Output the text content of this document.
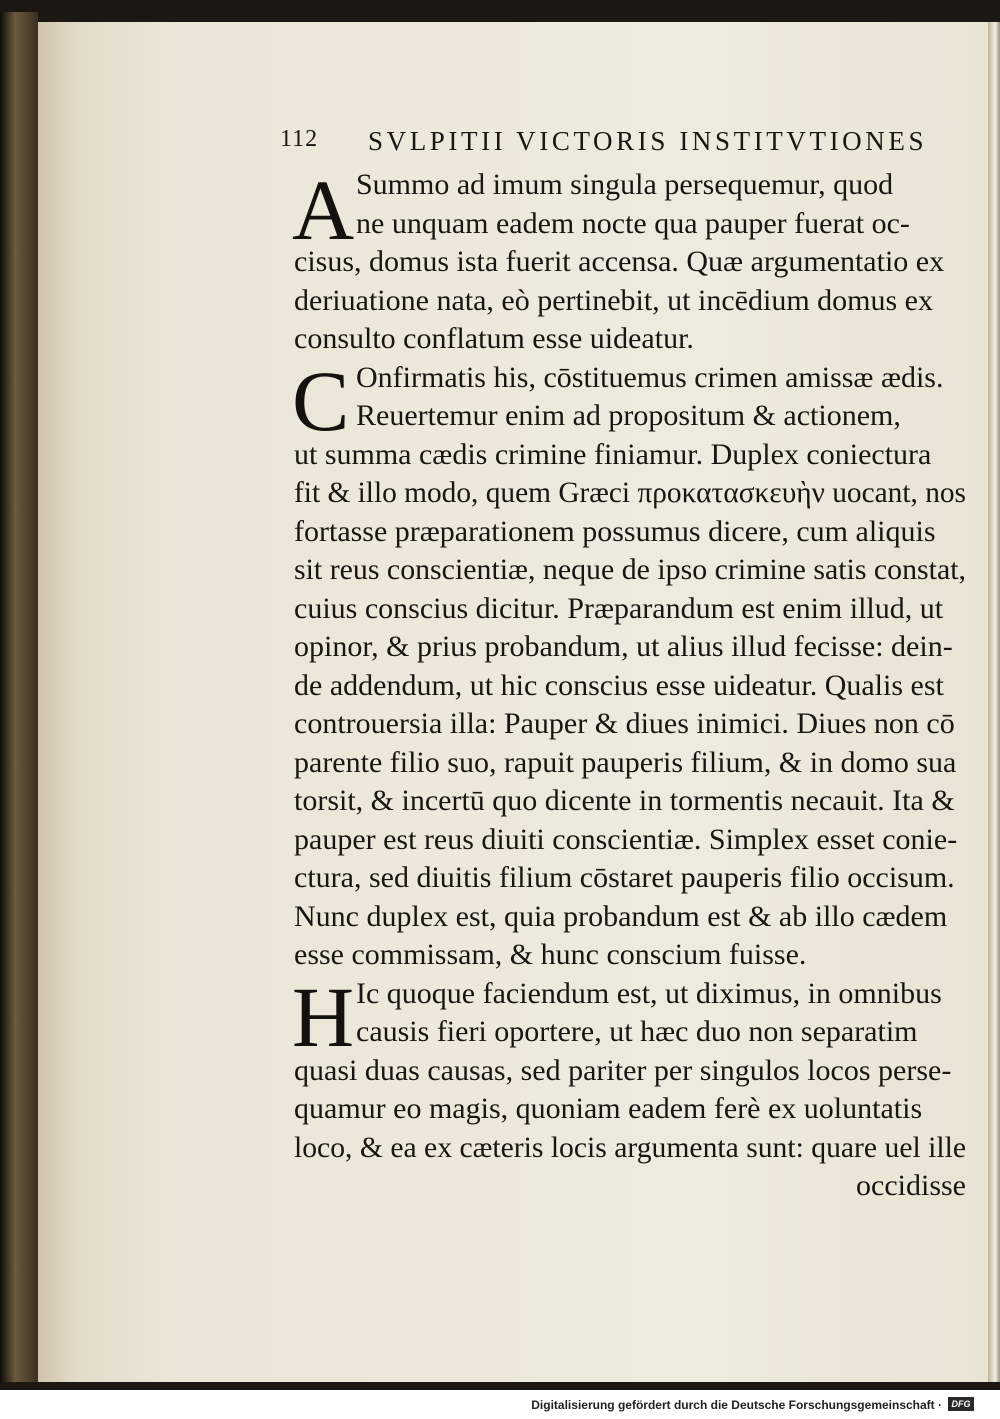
112 SVLPITII VICTORIS INSTITVTIONES
A Summo ad imum singula persequemur, quod
ne unquam eadem nocte qua pauper fuerat oc-
cisus, domus ista fuerit accensa. Quæ argumentatio ex
deriuatione nata, eò pertinebit, ut incēdium domus ex
consulto conflatum esse uideatur.
C Onfirmatis his, cōstituemus crimen amissæ ædis.
Reuertemur enim ad propositum & actionem,
ut summa cædis crimine finiamur. Duplex coniectura
fit & illo modo, quem Græci προκατασκευὴν uocant, nos
fortasse præparationem possumus dicere, cum aliquis
sit reus conscientiæ, neque de ipso crimine satis constat,
cuius conscius dicitur. Præparandum est enim illud, ut
opinor, & prius probandum, ut alius illud fecisse: dein-
de addendum, ut hic conscius esse uideatur. Qualis est
controuersia illa: Pauper & diues inimici. Diues non cō
parente filio suo, rapuit pauperis filium, & in domo sua
torsit, & incertū quo dicente in tormentis necauit. Ita &
pauper est reus diuiti conscientiæ. Simplex esset conie-
ctura, sed diuitis filium cōstaret pauperis filio occisum.
Nunc duplex est, quia probandum est & ab illo cædem
esse commissam, & hunc conscium fuisse.
H Ic quoque faciendum est, ut diximus, in omnibus
causis fieri oportere, ut hæc duo non separatim
quasi duas causas, sed pariter per singulos locos perse-
quamur eo magis, quoniam eadem ferè ex uoluntatis
loco, & ea ex cæteris locis argumenta sunt: quare uel ille
occidisse
Digitalisierung gefördert durch die Deutsche Forschungsgemeinschaft ·	DFG
